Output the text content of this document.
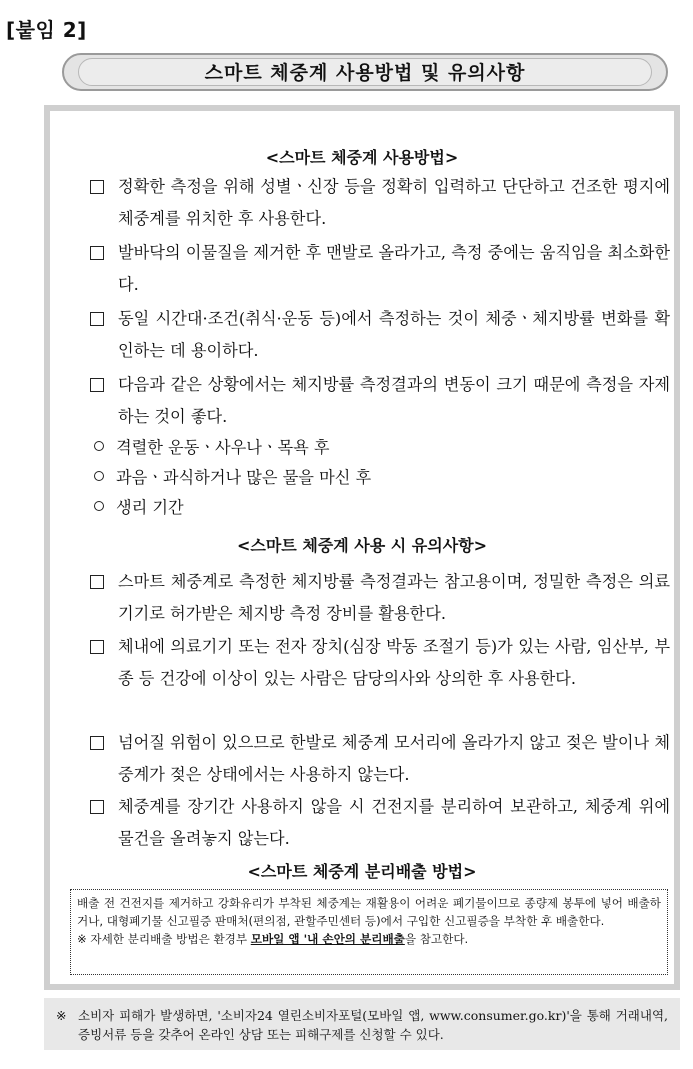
[붙임 2]
스마트 체중계 사용방법 및 유의사항
<스마트 체중계 사용방법>
정확한 측정을 위해 성별ㆍ신장 등을 정확히 입력하고 단단하고 건조한 평지에 체중계를 위치한 후 사용한다.
발바닥의 이물질을 제거한 후 맨발로 올라가고, 측정 중에는 움직임을 최소화한다.
동일 시간대·조건(취식·운동 등)에서 측정하는 것이 체중ㆍ체지방률 변화를 확인하는 데 용이하다.
다음과 같은 상황에서는 체지방률 측정결과의 변동이 크기 때문에 측정을 자제하는 것이 좋다.
격렬한 운동ㆍ사우나ㆍ목욕 후
과음ㆍ과식하거나 많은 물을 마신 후
생리 기간
<스마트 체중계 사용 시 유의사항>
스마트 체중계로 측정한 체지방률 측정결과는 참고용이며, 정밀한 측정은 의료기기로 허가받은 체지방 측정 장비를 활용한다.
체내에 의료기기 또는 전자 장치(심장 박동 조절기 등)가 있는 사람, 임산부, 부종 등 건강에 이상이 있는 사람은 담당의사와 상의한 후 사용한다.
넘어질 위험이 있으므로 한발로 체중계 모서리에 올라가지 않고 젖은 발이나 체중계가 젖은 상태에서는 사용하지 않는다.
체중계를 장기간 사용하지 않을 시 건전지를 분리하여 보관하고, 체중계 위에 물건을 올려놓지 않는다.
<스마트 체중계 분리배출 방법>
배출 전 건전지를 제거하고 강화유리가 부착된 체중계는 재활용이 어려운 폐기물이므로 종량제 봉투에 넣어 배출하거나, 대형폐기물 신고필증 판매처(편의점, 관할주민센터 등)에서 구입한 신고필증을 부착한 후 배출한다.
※ 자세한 분리배출 방법은 환경부 모바일 앱 '내 손안의 분리배출을 참고한다.
※ 소비자 피해가 발생하면, '소비자24 열린소비자포털(모바일 앱, www.consumer.go.kr)'을 통해 거래내역, 증빙서류 등을 갖추어 온라인 상담 또는 피해구제를 신청할 수 있다.
